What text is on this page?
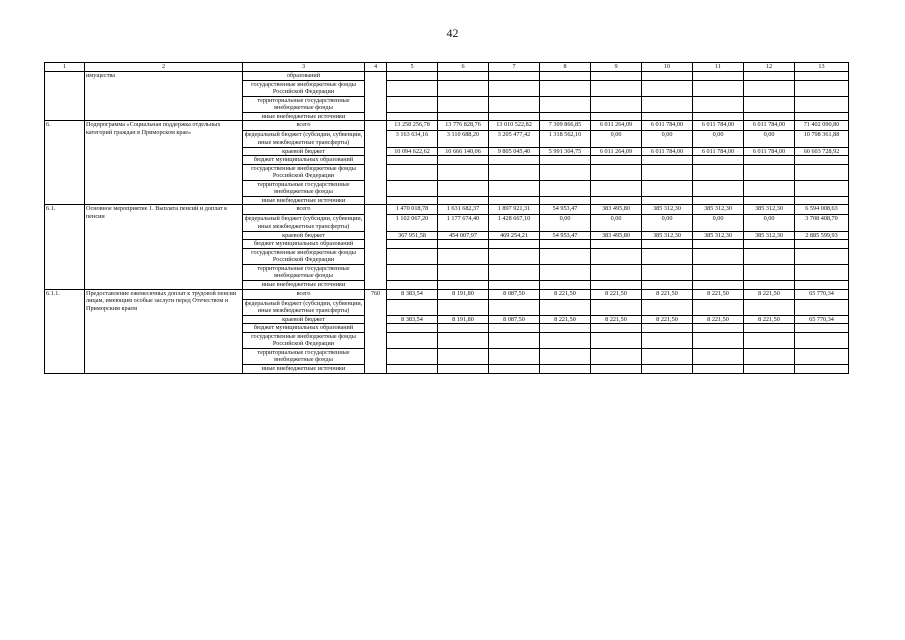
42
1	2	3	4	5	6	7	8	9	10	11	12	13
	имущества	образований										
		государственные внебюджетные фонды Российской Федерации										
		территориальные государственные внебюджетные фонды										
		иные внебюджетные источники										
6.	Подпрограмма «Социальная поддержка отдельных категорий граждан в Приморском крае»	всего		13 258 256,78	13 776 828,76	13 010 522,82	7 309 866,85	6 011 264,09	6 011 784,00	6 011 784,00	6 011 784,00	71 402 090,80
		федеральный бюджет (субсидии, субвенции, иные межбюджетные трансферты)		3 163 634,16	3 110 688,20	3 205 477,42	1 318 562,10	0,00	0,00	0,00	0,00	10 798 361,88
		краевой бюджет		10 094 622,62	10 666 140,06	9 805 045,40	5 991 304,75	6 011 264,09	6 011 784,00	6 011 784,00	6 011 784,00	60 603 728,92
		бюджет муниципальных образований										
		государственные внебюджетные фонды Российской Федерации										
		территориальные государственные внебюджетные фонды										
		иные внебюджетные источники										
6.1.	Основное мероприятие 1. Выплата пенсий и доплат к пенсии	всего		1 470 018,78	1 631 682,37	1 897 921,31	54 953,47	383 495,80	385 312,30	385 312,30	385 312,30	6 594 008,63
		федеральный бюджет (субсидии, субвенции, иные межбюджетные трансферты)		1 102 067,20	1 177 674,40	1 428 667,10	0,00	0,00	0,00	0,00	0,00	3 708 408,70
		краевой бюджет		367 951,58	454 007,97	469 254,21	54 953,47	383 495,80	385 312,30	385 312,30	385 312,30	2 885 599,93
		бюджет муниципальных образований										
		государственные внебюджетные фонды Российской Федерации										
		территориальные государственные внебюджетные фонды										
		иные внебюджетные источники										
6.1.1.	Предоставление ежемесячных доплат к трудовой пенсии лицам, имеющим особые заслуги перед Отечеством и Приморским краем	всего	760	8 383,54	8 191,80	8 087,50	8 221,50	8 221,50	8 221,50	8 221,50	8 221,50	65 770,34
		федеральный бюджет (субсидии, субвенции, иные межбюджетные трансферты)										
		краевой бюджет		8 383,54	8 191,80	8 087,50	8 221,50	8 221,50	8 221,50	8 221,50	8 221,50	65 770,34
		бюджет муниципальных образований										
		государственные внебюджетные фонды Российской Федерации										
		территориальные государственные внебюджетные фонды										
		иные внебюджетные источники										
